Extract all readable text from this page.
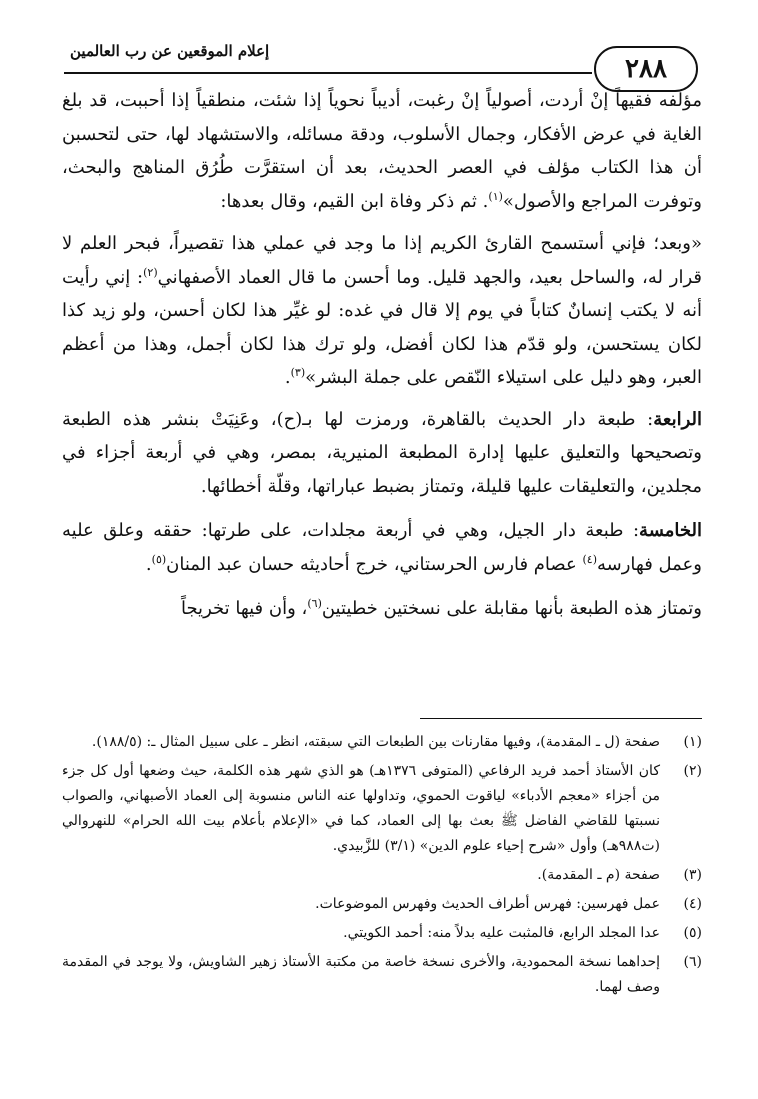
إعلام الموقعين عن رب العالمين
٢٨٨

مؤلفه فقيهاً إنْ أردت، أصولياً إنْ رغبت، أديباً نحوياً إذا شئت، منطقياً إذا أحببت، قد بلغ الغاية في عرض الأفكار، وجمال الأسلوب، ودقة مسائله، والاستشهاد لها، حتى لتحسبن أن هذا الكتاب مؤلف في العصر الحديث، بعد أن استقرَّت طُرُق المناهج والبحث، وتوفرت المراجع والأصول»$^{(١)}$. ثم ذكر وفاة ابن القيم، وقال بعدها:

«وبعد؛ فإني أستسمح القارئ الكريم إذا ما وجد في عملي هذا تقصيراً، فبحر العلم لا قرار له، والساحل بعيد، والجهد قليل. وما أحسن ما قال العماد الأصفهاني$^{(٢)}$: إني رأيت أنه لا يكتب إنسانٌ كتاباً في يوم إلا قال في غده: لو غيِّر هذا لكان أحسن، ولو زيد كذا لكان يستحسن، ولو قدّم هذا لكان أفضل، ولو ترك هذا لكان أجمل، وهذا من أعظم العبر، وهو دليل على استيلاء النّقص على جملة البشر»$^{(٣)}$.

الرابعة: طبعة دار الحديث بالقاهرة، ورمزت لها بـ(ح)، وعَنِيَتْ بنشر هذه الطبعة وتصحيحها والتعليق عليها إدارة المطبعة المنيرية، بمصر، وهي في أربعة أجزاء في مجلدين، والتعليقات عليها قليلة، وتمتاز بضبط عباراتها، وقلّة أخطائها.

الخامسة: طبعة دار الجيل، وهي في أربعة مجلدات، على طرتها: حققه وعلق عليه وعمل فهارسه$^{(٤)}$ عصام فارس الحرستاني، خرج أحاديثه حسان عبد المنان$^{(٥)}$.

وتمتاز هذه الطبعة بأنها مقابلة على نسختين خطيتين$^{(٦)}$، وأن فيها تخريجاً

(١)
صفحة (ل ـ المقدمة)، وفيها مقارنات بين الطبعات التي سبقته، انظر ـ على سبيل المثال ـ: (١٨٨/٥).
(٢)
كان الأستاذ أحمد فريد الرفاعي (المتوفى ١٣٧٦هـ) هو الذي شهر هذه الكلمة، حيث وضعها أول كل جزء من أجزاء «معجم الأدباء» لياقوت الحموي، وتداولها عنه الناس منسوبة إلى العماد الأصبهاني، والصواب نسبتها للقاضي الفاضل ﷺ بعث بها إلى العماد، كما في «الإعلام بأعلام بيت الله الحرام» للنهروالي (ت٩٨٨هـ) وأول «شرح إحياء علوم الدين» (٣/١) للزَّبيدي.
(٣)
صفحة (م ـ المقدمة).
(٤)
عمل فهرسين: فهرس أطراف الحديث وفهرس الموضوعات.
(٥)
عدا المجلد الرابع، فالمثبت عليه بدلاً منه: أحمد الكويتي.
(٦)
إحداهما نسخة المحمودية، والأخرى نسخة خاصة من مكتبة الأستاذ زهير الشاويش، ولا يوجد في المقدمة وصف لهما.
